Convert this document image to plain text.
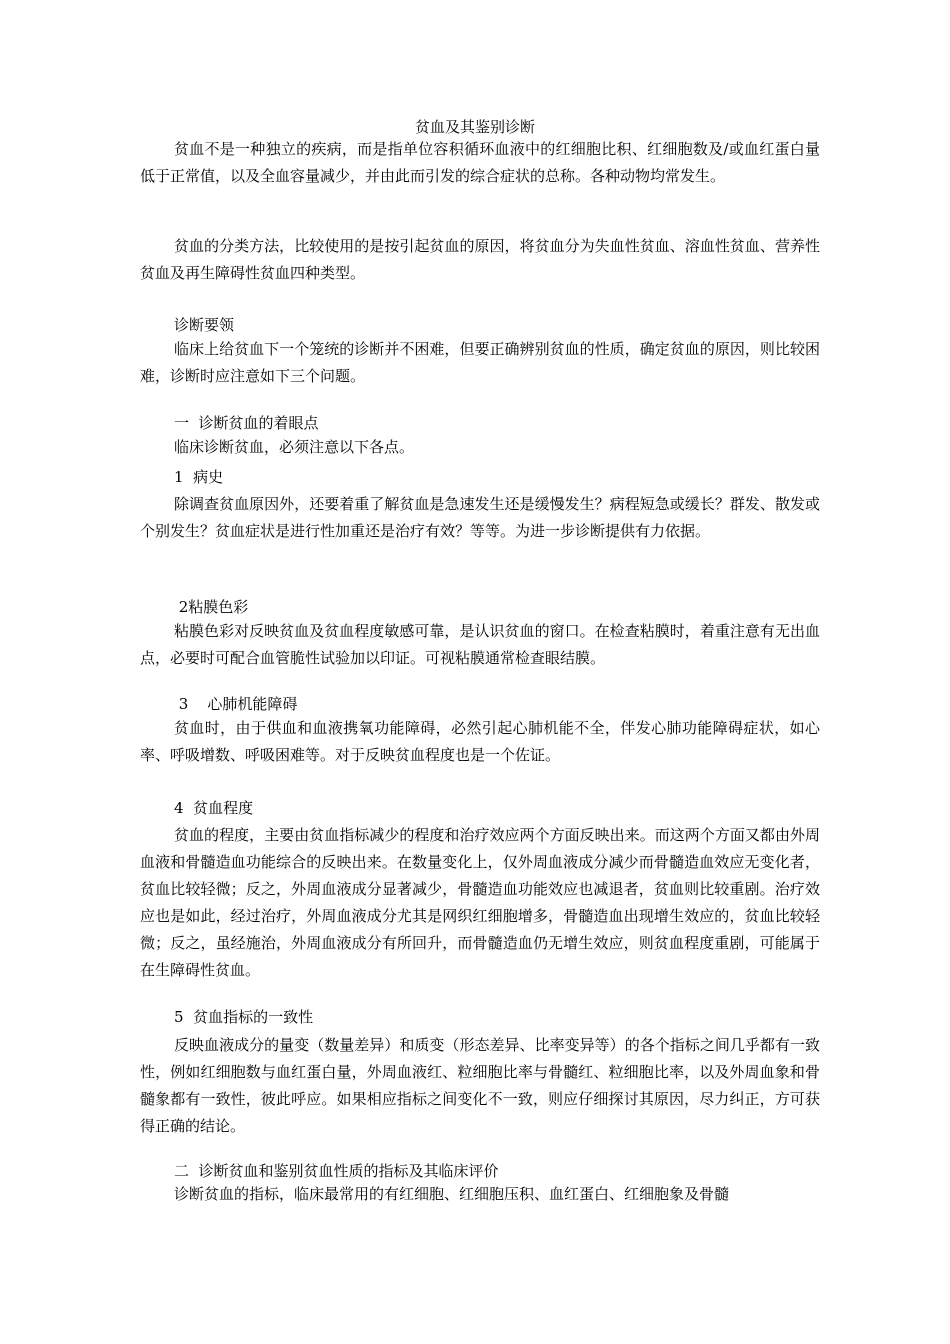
贫血及其鉴别诊断

贫血不是一种独立的疾病，而是指单位容积循环血液中的红细胞比积、红细胞数及/或血红蛋白量低于正常值，以及全血容量减少，并由此而引发的综合症状的总称。各种动物均常发生。

贫血的分类方法，比较使用的是按引起贫血的原因，将贫血分为失血性贫血、溶血性贫血、营养性贫血及再生障碍性贫血四种类型。

诊断要领

临床上给贫血下一个笼统的诊断并不困难，但要正确辨别贫血的性质，确定贫血的原因，则比较困难，诊断时应注意如下三个问题。

一  诊断贫血的着眼点
临床诊断贫血，必须注意以下各点。
1  病史

除调查贫血原因外，还要着重了解贫血是急速发生还是缓慢发生？病程短急或缓长？群发、散发或个别发生？贫血症状是进行性加重还是治疗有效？等等。为进一步诊断提供有力依据。

2粘膜色彩

粘膜色彩对反映贫血及贫血程度敏感可靠，是认识贫血的窗口。在检查粘膜时，着重注意有无出血点，必要时可配合血管脆性试验加以印证。可视粘膜通常检查眼结膜。

3    心肺机能障碍

贫血时，由于供血和血液携氧功能障碍，必然引起心肺机能不全，伴发心肺功能障碍症状，如心率、呼吸增数、呼吸困难等。对于反映贫血程度也是一个佐证。

4  贫血程度

贫血的程度，主要由贫血指标减少的程度和治疗效应两个方面反映出来。而这两个方面又都由外周血液和骨髓造血功能综合的反映出来。在数量变化上，仅外周血液成分减少而骨髓造血效应无变化者，贫血比较轻微；反之，外周血液成分显著减少，骨髓造血功能效应也减退者，贫血则比较重剧。治疗效应也是如此，经过治疗，外周血液成分尤其是网织红细胞增多，骨髓造血出现增生效应的，贫血比较轻微；反之，虽经施治，外周血液成分有所回升，而骨髓造血仍无增生效应，则贫血程度重剧，可能属于在生障碍性贫血。

5  贫血指标的一致性

反映血液成分的量变（数量差异）和质变（形态差异、比率变异等）的各个指标之间几乎都有一致性，例如红细胞数与血红蛋白量，外周血液红、粒细胞比率与骨髓红、粒细胞比率，以及外周血象和骨髓象都有一致性，彼此呼应。如果相应指标之间变化不一致，则应仔细探讨其原因，尽力纠正，方可获得正确的结论。

二  诊断贫血和鉴别贫血性质的指标及其临床评价

诊断贫血的指标，临床最常用的有红细胞、红细胞压积、血红蛋白、红细胞象及骨髓
